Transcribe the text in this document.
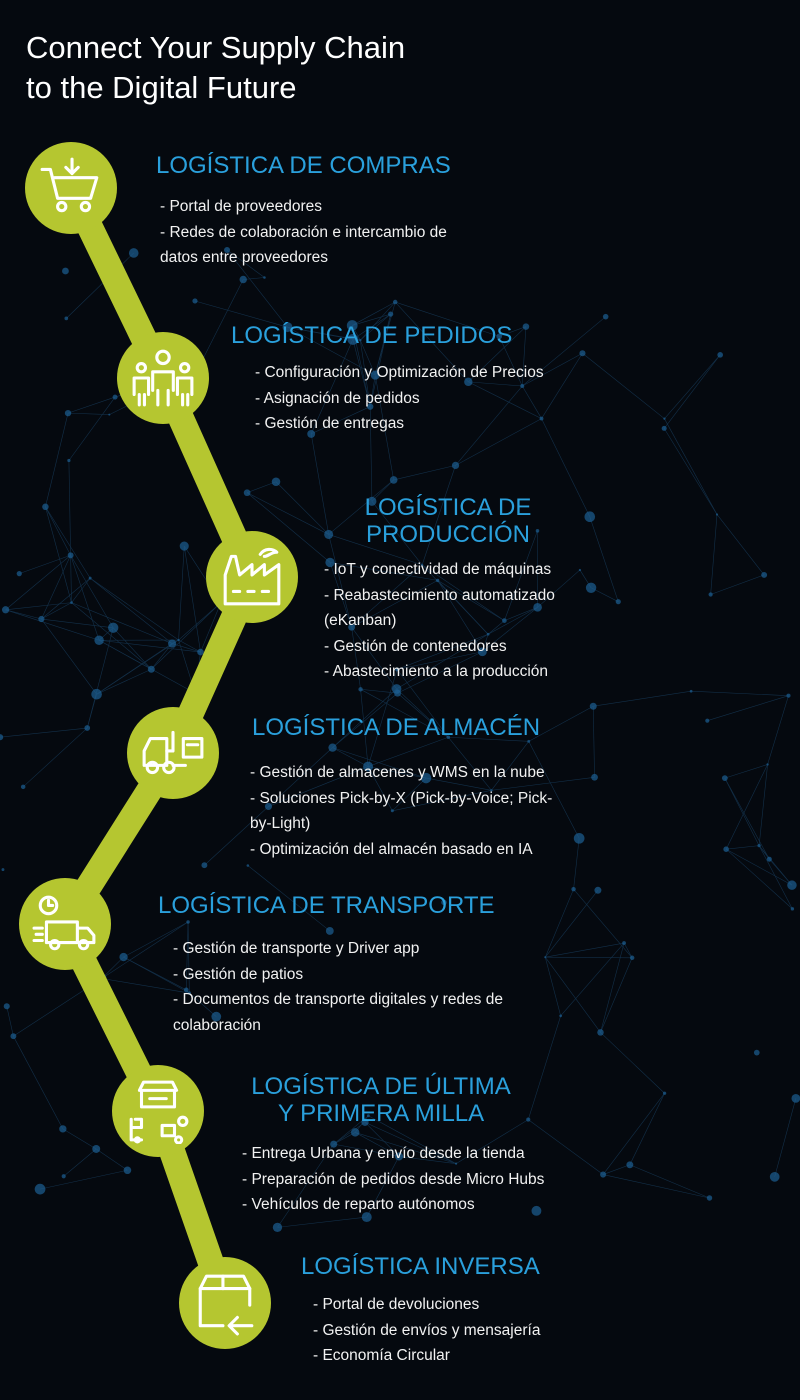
Connect Your Supply Chain
to the Digital Future
LOGÍSTICA DE COMPRAS
- Portal de proveedores
- Redes de colaboración e intercambio de
datos entre proveedores
LOGÍSTICA DE PEDIDOS
- Configuración y Optimización de Precios
- Asignación de pedidos
- Gestión de entregas
LOGÍSTICA DE
PRODUCCIÓN
- IoT y conectividad de máquinas
- Reabastecimiento automatizado
(eKanban)
- Gestión de contenedores
- Abastecimiento a la producción
LOGÍSTICA DE ALMACÉN
- Gestión de almacenes y WMS en la nube
- Soluciones Pick-by-X (Pick-by-Voice; Pick-
by-Light)
- Optimización del almacén basado en IA
LOGÍSTICA DE TRANSPORTE
- Gestión de transporte y Driver app
- Gestión de patios
- Documentos de transporte digitales y redes de
colaboración
LOGÍSTICA DE ÚLTIMA
Y PRIMERA MILLA
- Entrega Urbana y envío desde la tienda
- Preparación de pedidos desde Micro Hubs
- Vehículos de reparto autónomos
LOGÍSTICA INVERSA
- Portal de devoluciones
- Gestión de envíos y mensajería
- Economía Circular
